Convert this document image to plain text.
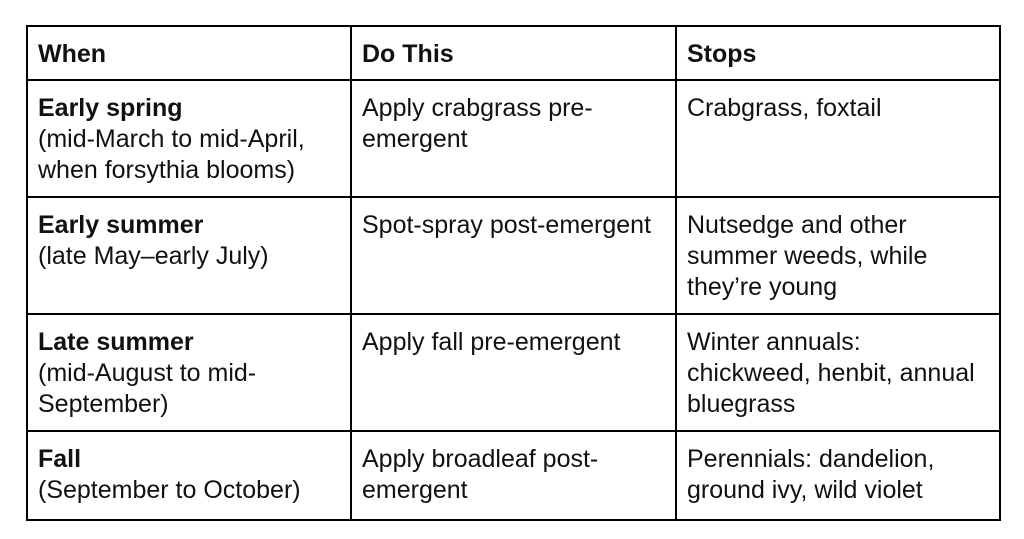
When	Do This	Stops

Early spring
(mid-March to mid-April, when forsythia blooms)	Apply crabgrass pre-emergent	Crabgrass, foxtail

Early summer
(late May–early July)	Spot-spray post-emergent	Nutsedge and other summer weeds, while they’re young

Late summer
(mid-August to mid-September)	Apply fall pre-emergent	Winter annuals: chickweed, henbit, annual bluegrass

Fall
(September to October)	Apply broadleaf post-emergent	Perennials: dandelion, ground ivy, wild violet
